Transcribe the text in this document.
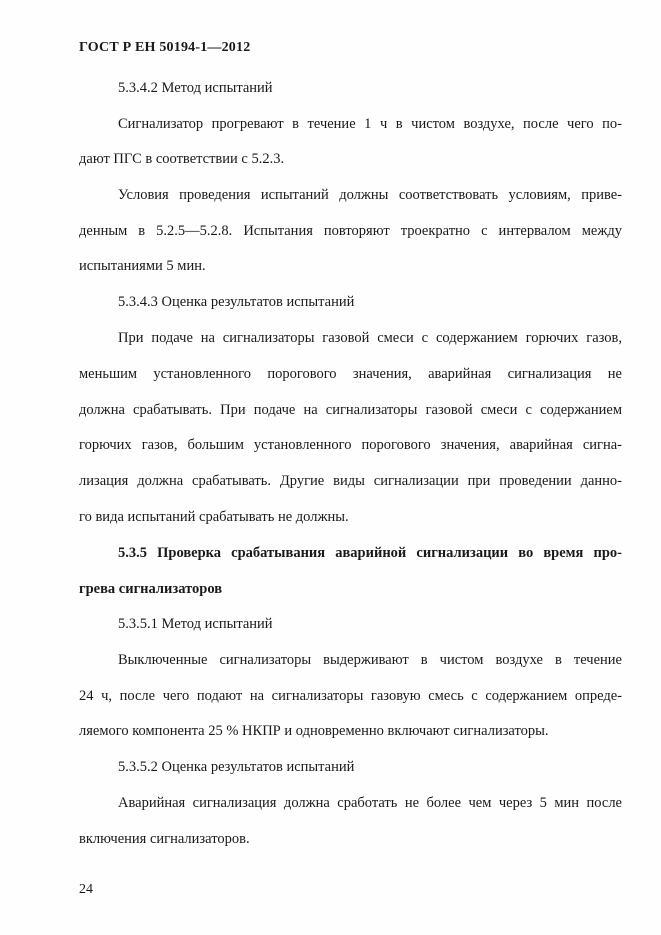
ГОСТ Р ЕН 50194-1—2012
5.3.4.2 Метод испытаний
Сигнализатор прогревают в течение 1 ч в чистом воздухе, после чего по-
дают ПГС в соответствии с 5.2.3.
Условия проведения испытаний должны соответствовать условиям, приве-
денным в 5.2.5—5.2.8. Испытания повторяют троекратно с интервалом между
испытаниями 5 мин.
5.3.4.3 Оценка результатов испытаний
При подаче на сигнализаторы газовой смеси с содержанием горючих газов,
меньшим установленного порогового значения, аварийная сигнализация не
должна срабатывать. При подаче на сигнализаторы газовой смеси с содержанием
горючих газов, большим установленного порогового значения, аварийная сигна-
лизация должна срабатывать. Другие виды сигнализации при проведении данно-
го вида испытаний срабатывать не должны.
5.3.5 Проверка срабатывания аварийной сигнализации во время про-
грева сигнализаторов
5.3.5.1 Метод испытаний
Выключенные сигнализаторы выдерживают в чистом воздухе в течение
24 ч, после чего подают на сигнализаторы газовую смесь с содержанием опреде-
ляемого компонента 25 % НКПР и одновременно включают сигнализаторы.
5.3.5.2 Оценка результатов испытаний
Аварийная сигнализация должна сработать не более чем через 5 мин после
включения сигнализаторов.
24
